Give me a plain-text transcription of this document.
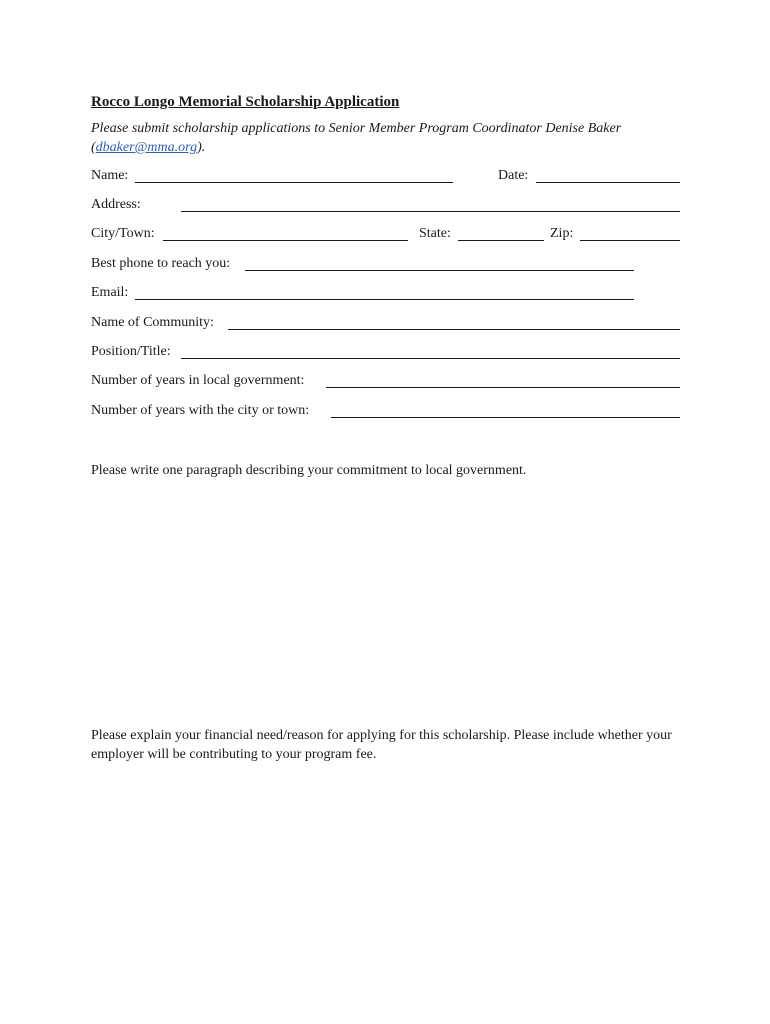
Rocco Longo Memorial Scholarship Application
Please submit scholarship applications to Senior Member Program Coordinator Denise Baker (dbaker@mma.org).
Name:	Date:
Address:
City/Town:	State:	Zip:
Best phone to reach you:
Email:
Name of Community:
Position/Title:
Number of years in local government:
Number of years with the city or town:
Please write one paragraph describing your commitment to local government.
Please explain your financial need/reason for applying for this scholarship. Please include whether your employer will be contributing to your program fee.
